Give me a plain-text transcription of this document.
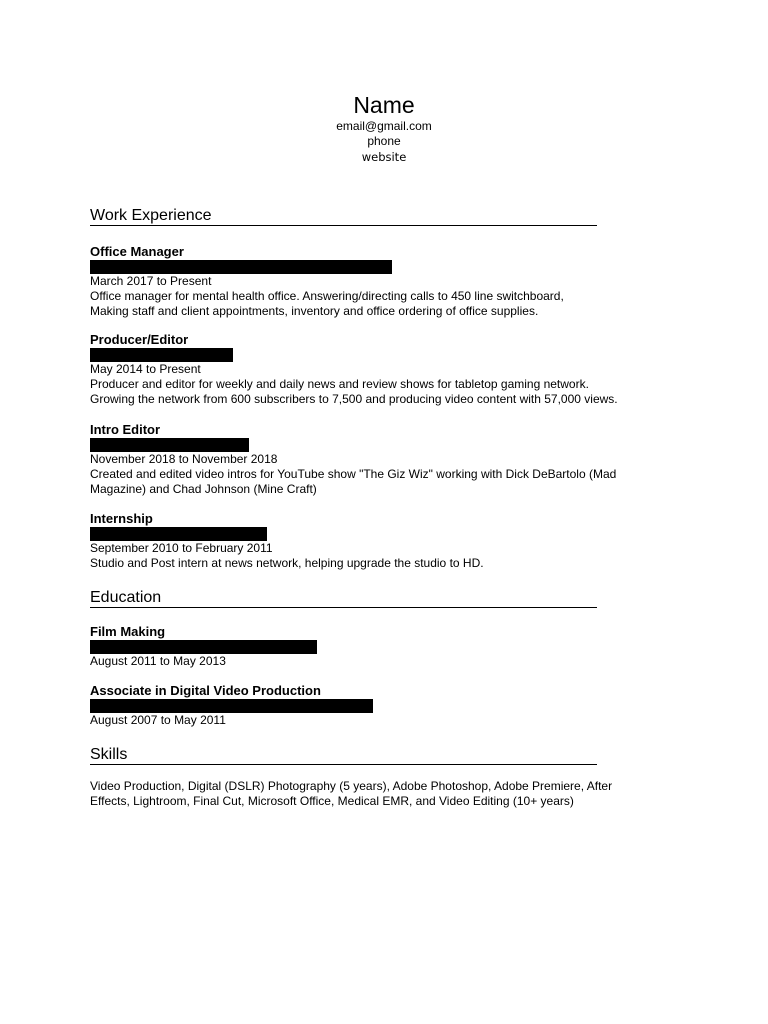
Name

email@gmail.com

phone

website

Work Experience

Office Manager

March 2017 to Present

Office manager for mental health office. Answering/directing calls to 450 line switchboard,

Making staff and client appointments, inventory and office ordering of office supplies.

Producer/Editor

May 2014 to Present

Producer and editor for weekly and daily news and review shows for tabletop gaming network.

Growing the network from 600 subscribers to 7,500 and producing video content with 57,000 views.

Intro Editor

November 2018 to November 2018

Created and edited video intros for YouTube show "The Giz Wiz" working with Dick DeBartolo (Mad

Magazine) and Chad Johnson (Mine Craft)

Internship

September 2010 to February 2011

Studio and Post intern at news network, helping upgrade the studio to HD.

Education

Film Making

August 2011 to May 2013

Associate in Digital Video Production

August 2007 to May 2011

Skills

Video Production, Digital (DSLR) Photography (5 years), Adobe Photoshop, Adobe Premiere, After

Effects, Lightroom, Final Cut, Microsoft Office, Medical EMR, and Video Editing (10+ years)
